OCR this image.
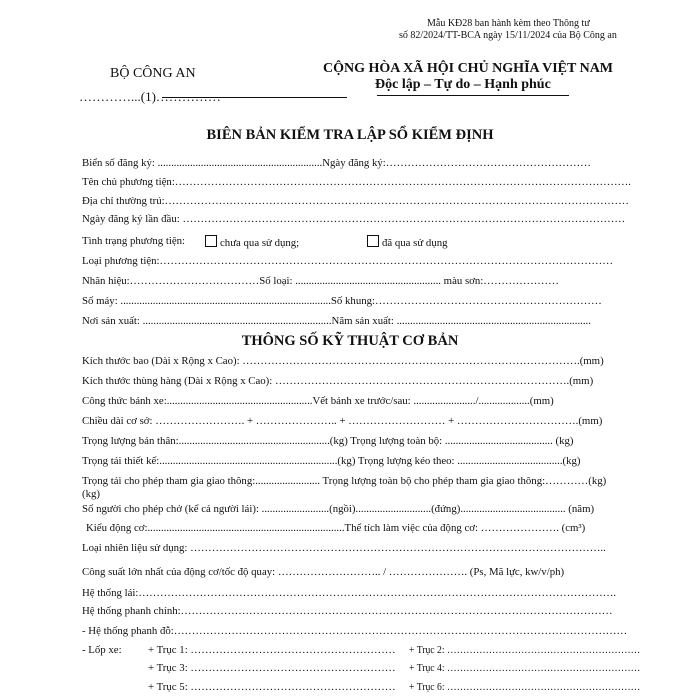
Mẫu KĐ28 ban hành kèm theo Thông tư
số 82/2024/TT-BCA ngày 15/11/2024 của Bộ Công an
BỘ CÔNG AN
…………...(1)……………
CỘNG HÒA XÃ HỘI CHỦ NGHĨA VIỆT NAM
Độc lập – Tự do – Hạnh phúc
BIÊN BẢN KIỂM TRA LẬP SỔ KIỂM ĐỊNH
Biển số đăng ký: .............................................................Ngày đăng ký:…………………………………………………
Tên chủ phương tiện:……………………………………………………………………………………………………………….
Địa chỉ thường trú:…………………………………………………………………………………………………………………
Ngày đăng ký lần đầu: ……………………………………………………………………………………………………………
Tình trạng phương tiện:	chưa qua sử dụng;	đã qua sử dụng
Loại phương tiện:………………………………………………………………………………………………………………
Nhãn hiệu:………………………………Số loại: ...................................................... màu sơn:…………………
Số máy: ..............................................................................Số khung:………………………………………………………
Nơi sản xuất: ......................................................................Năm sản xuất: ........................................................................
THÔNG SỐ KỸ THUẬT CƠ BẢN
Kích thước bao (Dài x Rộng x Cao): ………………………………………………………………………………….(mm)
Kích thước thùng hàng (Dài x Rộng x Cao): ……………………………………………………………………….(mm)
Công thức bánh xe:......................................................Vết bánh xe trước/sau: ......................./...................(mm)
Chiều dài cơ sở: ……………………. + ………………….. + ……………………… + …………………………….(mm)
Trọng lượng bản thân:........................................................(kg) Trọng lượng toàn bộ: ........................................ (kg)
Trọng tải thiết kế:..................................................................(kg) Trọng lượng kéo theo: .......................................(kg)
Trọng tải cho phép tham gia giao thông:........................ Trọng lượng toàn bộ cho phép tham gia giao thông:…………(kg)
(kg)
Số người cho phép chở (kể cả người lái): .........................(ngồi)............................(đứng)....................................... (năm)
Kiểu động cơ:.........................................................................Thể tích làm việc của động cơ: …………………. (cm³)
Loại nhiên liệu sử dụng: ……………………………………………………………………………………………………..
Công suất lớn nhất của động cơ/tốc độ quay: ……………………….. / …………………. (Ps, Mã lực, kw/v/ph)
Hệ thống lái:…………………………………………………………………………………………………………………….
Hệ thống phanh chính:…………………………………………………………………………………………………………
- Hệ thống phanh đỗ:………………………………………………………………………………………………………………
- Lốp xe: + Trục 1: ………………………………………………… + Trục 2: ……………………………………………………
+ Trục 3: ………………………………………………… + Trục 4: ……………………………………………………
+ Trục 5: ………………………………………………… + Trục 6: ……………………………………………………
